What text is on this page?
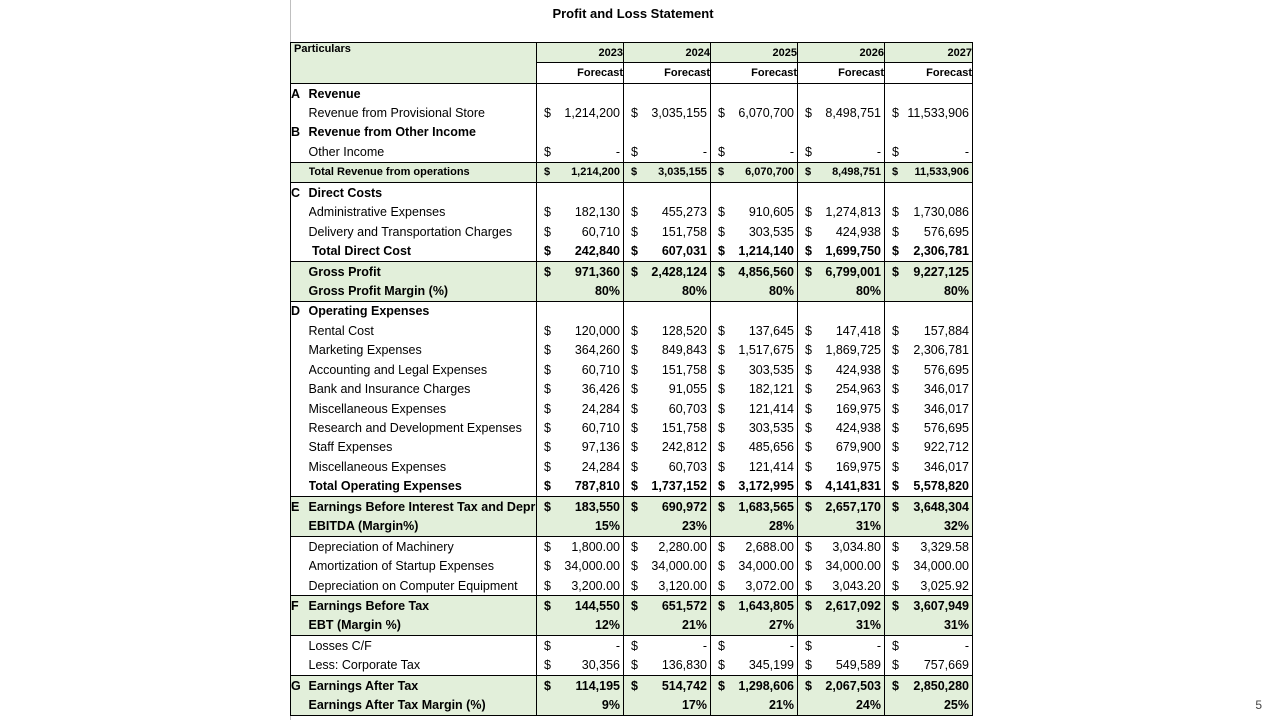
Profit and Loss Statement
Particulars		2023	2024	2025	2026	2027
		Forecast	Forecast	Forecast	Forecast	Forecast
A	Revenue					
	Revenue from Provisional Store	$ 1,214,200	$ 3,035,155	$ 6,070,700	$ 8,498,751	$ 11,533,906

B	Revenue from Other Income					
	Other Income	$ -	$ -	$ -	$ -	$ -

	Total Revenue from operations	$ 1,214,200	$ 3,035,155	$ 6,070,700	$ 8,498,751	$ 11,533,906

C	Direct Costs					
	Administrative Expenses	$ 182,130	$ 455,273	$ 910,605	$ 1,274,813	$ 1,730,086

	Delivery and Transportation Charges	$ 60,710	$ 151,758	$ 303,535	$ 424,938	$ 576,695

	Total Direct Cost	$ 242,840	$ 607,031	$ 1,214,140	$ 1,699,750	$ 2,306,781

	Gross Profit	$ 971,360	$ 2,428,124	$ 4,856,560	$ 6,799,001	$ 9,227,125

	Gross Profit Margin (%)	80%	80%	80%	80%	80%
D	Operating Expenses					
	Rental Cost	$ 120,000	$ 128,520	$ 137,645	$ 147,418	$ 157,884

	Marketing Expenses	$ 364,260	$ 849,843	$ 1,517,675	$ 1,869,725	$ 2,306,781

	Accounting and Legal Expenses	$ 60,710	$ 151,758	$ 303,535	$ 424,938	$ 576,695

	Bank and Insurance Charges	$ 36,426	$ 91,055	$ 182,121	$ 254,963	$ 346,017

	Miscellaneous Expenses	$ 24,284	$ 60,703	$ 121,414	$ 169,975	$ 346,017

	Research and Development Expenses	$ 60,710	$ 151,758	$ 303,535	$ 424,938	$ 576,695

	Staff Expenses	$ 97,136	$ 242,812	$ 485,656	$ 679,900	$ 922,712

	Miscellaneous Expenses	$ 24,284	$ 60,703	$ 121,414	$ 169,975	$ 346,017

	Total Operating Expenses	$ 787,810	$ 1,737,152	$ 3,172,995	$ 4,141,831	$ 5,578,820

E	Earnings Before Interest Tax and Depr	$ 183,550	$ 690,972	$ 1,683,565	$ 2,657,170	$ 3,648,304

	EBITDA (Margin%)	15%	23%	28%	31%	32%
	Depreciation of Machinery	$ 1,800.00	$ 2,280.00	$ 2,688.00	$ 3,034.80	$ 3,329.58

	Amortization of Startup Expenses	$ 34,000.00	$ 34,000.00	$ 34,000.00	$ 34,000.00	$ 34,000.00

	Depreciation on Computer Equipment	$ 3,200.00	$ 3,120.00	$ 3,072.00	$ 3,043.20	$ 3,025.92

F	Earnings Before Tax	$ 144,550	$ 651,572	$ 1,643,805	$ 2,617,092	$ 3,607,949

	EBT (Margin %)	12%	21%	27%	31%	31%
	Losses C/F	$ -	$ -	$ -	$ -	$ -

	Less: Corporate Tax	$ 30,356	$ 136,830	$ 345,199	$ 549,589	$ 757,669

G	Earnings After Tax	$ 114,195	$ 514,742	$ 1,298,606	$ 2,067,503	$ 2,850,280

	Earnings After Tax Margin (%)	9%	17%	21%	24%	25%	5
